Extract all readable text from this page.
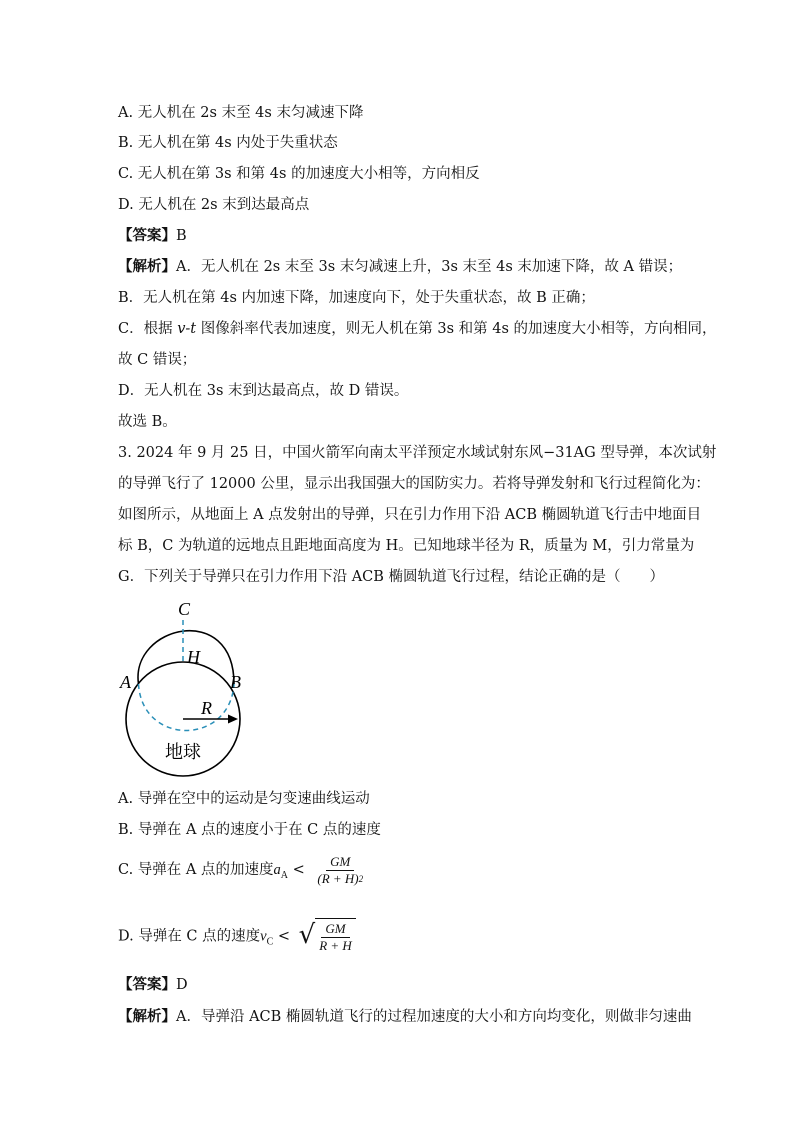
A. 无人机在 2s 末至 4s 末匀减速下降
B. 无人机在第 4s 内处于失重状态
C. 无人机在第 3s 和第 4s 的加速度大小相等，方向相反
D. 无人机在 2s 末到达最高点
【答案】B
【解析】A．无人机在 2s 末至 3s 末匀减速上升，3s 末至 4s 末加速下降，故 A 错误；
B．无人机在第 4s 内加速下降，加速度向下，处于失重状态，故 B 正确；
C．根据 v-t 图像斜率代表加速度，则无人机在第 3s 和第 4s 的加速度大小相等，方向相同，
故 C 错误；
D．无人机在 3s 末到达最高点，故 D 错误。
故选 B。
3. 2024 年 9 月 25 日，中国火箭军向南太平洋预定水域试射东风−31AG 型导弹，本次试射
的导弹飞行了 12000 公里，显示出我国强大的国防实力。若将导弹发射和飞行过程简化为：
如图所示，从地面上 A 点发射出的导弹，只在引力作用下沿 ACB 椭圆轨道飞行击中地面目
标 B，C 为轨道的远地点且距地面高度为 H。已知地球半径为 R，质量为 M，引力常量为
G．下列关于导弹只在引力作用下沿 ACB 椭圆轨道飞行过程，结论正确的是（　　）
C
H
A	B
R
地球
A. 导弹在空中的运动是匀变速曲线运动
B. 导弹在 A 点的速度小于在 C 点的速度
C. 导弹在 A 点的加速度$a_A < \frac{GM}{(R + H)^2}$
D. 导弹在 C 点的速度$v_C$ < √ $\frac{GM}{R + H}$
【答案】D
【解析】A．导弹沿 ACB 椭圆轨道飞行的过程加速度的大小和方向均变化，则做非匀速曲
